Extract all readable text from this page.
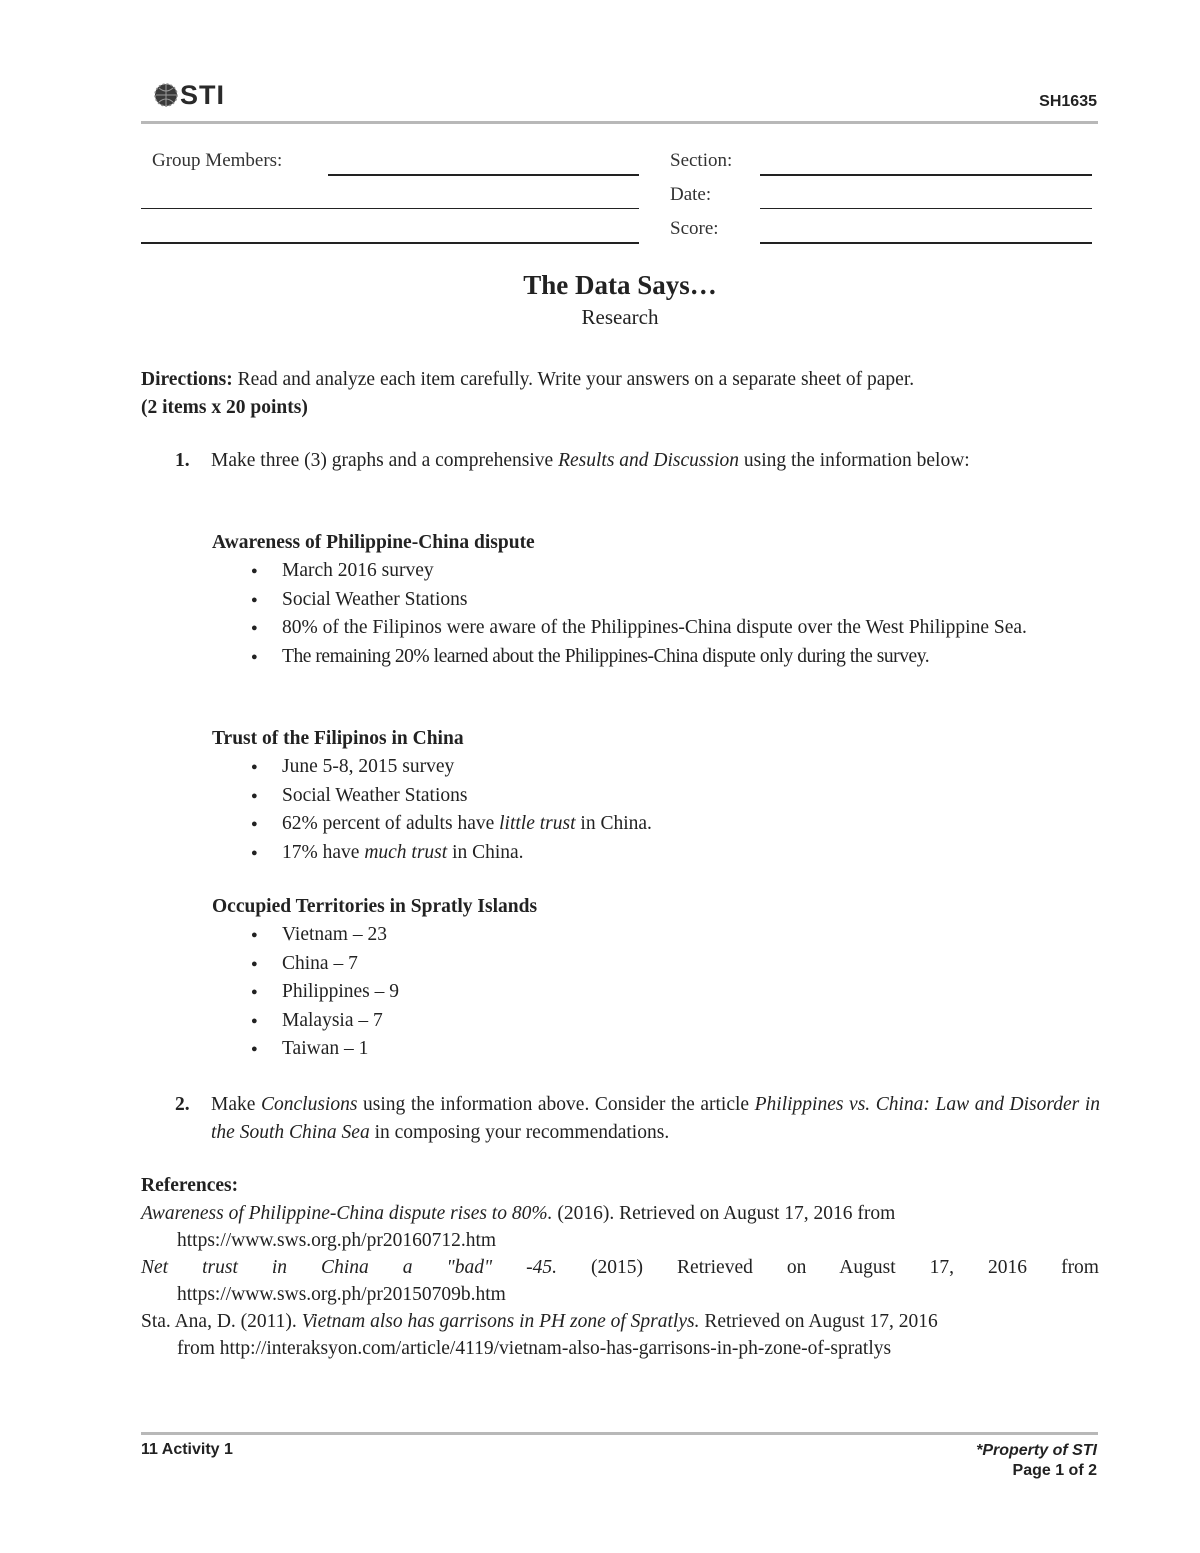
STI	SH1635
Group Members:	Section:
Date:
Score:
The Data Says…
Research
Directions: Read and analyze each item carefully. Write your answers on a separate sheet of paper.
(2 items x 20 points)
1. Make three (3) graphs and a comprehensive Results and Discussion using the information below:
Awareness of Philippine-China dispute
● March 2016 survey
● Social Weather Stations
● 80% of the Filipinos were aware of the Philippines-China dispute over the West Philippine Sea.
● The remaining 20% learned about the Philippines-China dispute only during the survey.
Trust of the Filipinos in China
● June 5-8, 2015 survey
● Social Weather Stations
● 62% percent of adults have little trust in China.
● 17% have much trust in China.
Occupied Territories in Spratly Islands
● Vietnam – 23
● China – 7
● Philippines – 9
● Malaysia – 7
● Taiwan – 1
2. Make Conclusions using the information above. Consider the article Philippines vs. China: Law and Disorder in the South China Sea in composing your recommendations.
References:

Awareness of Philippine-China dispute rises to 80%. (2016). Retrieved on August 17, 2016 from
https://www.sws.org.ph/pr20160712.htm

Net trust in China a "bad" -45. (2015) Retrieved on August 17, 2016 from
https://www.sws.org.ph/pr20150709b.htm

Sta. Ana, D. (2011). Vietnam also has garrisons in PH zone of Spratlys. Retrieved on August 17, 2016
from http://interaksyon.com/article/4119/vietnam-also-has-garrisons-in-ph-zone-of-spratlys

11 Activity 1	*Property of STI
Page 1 of 2
